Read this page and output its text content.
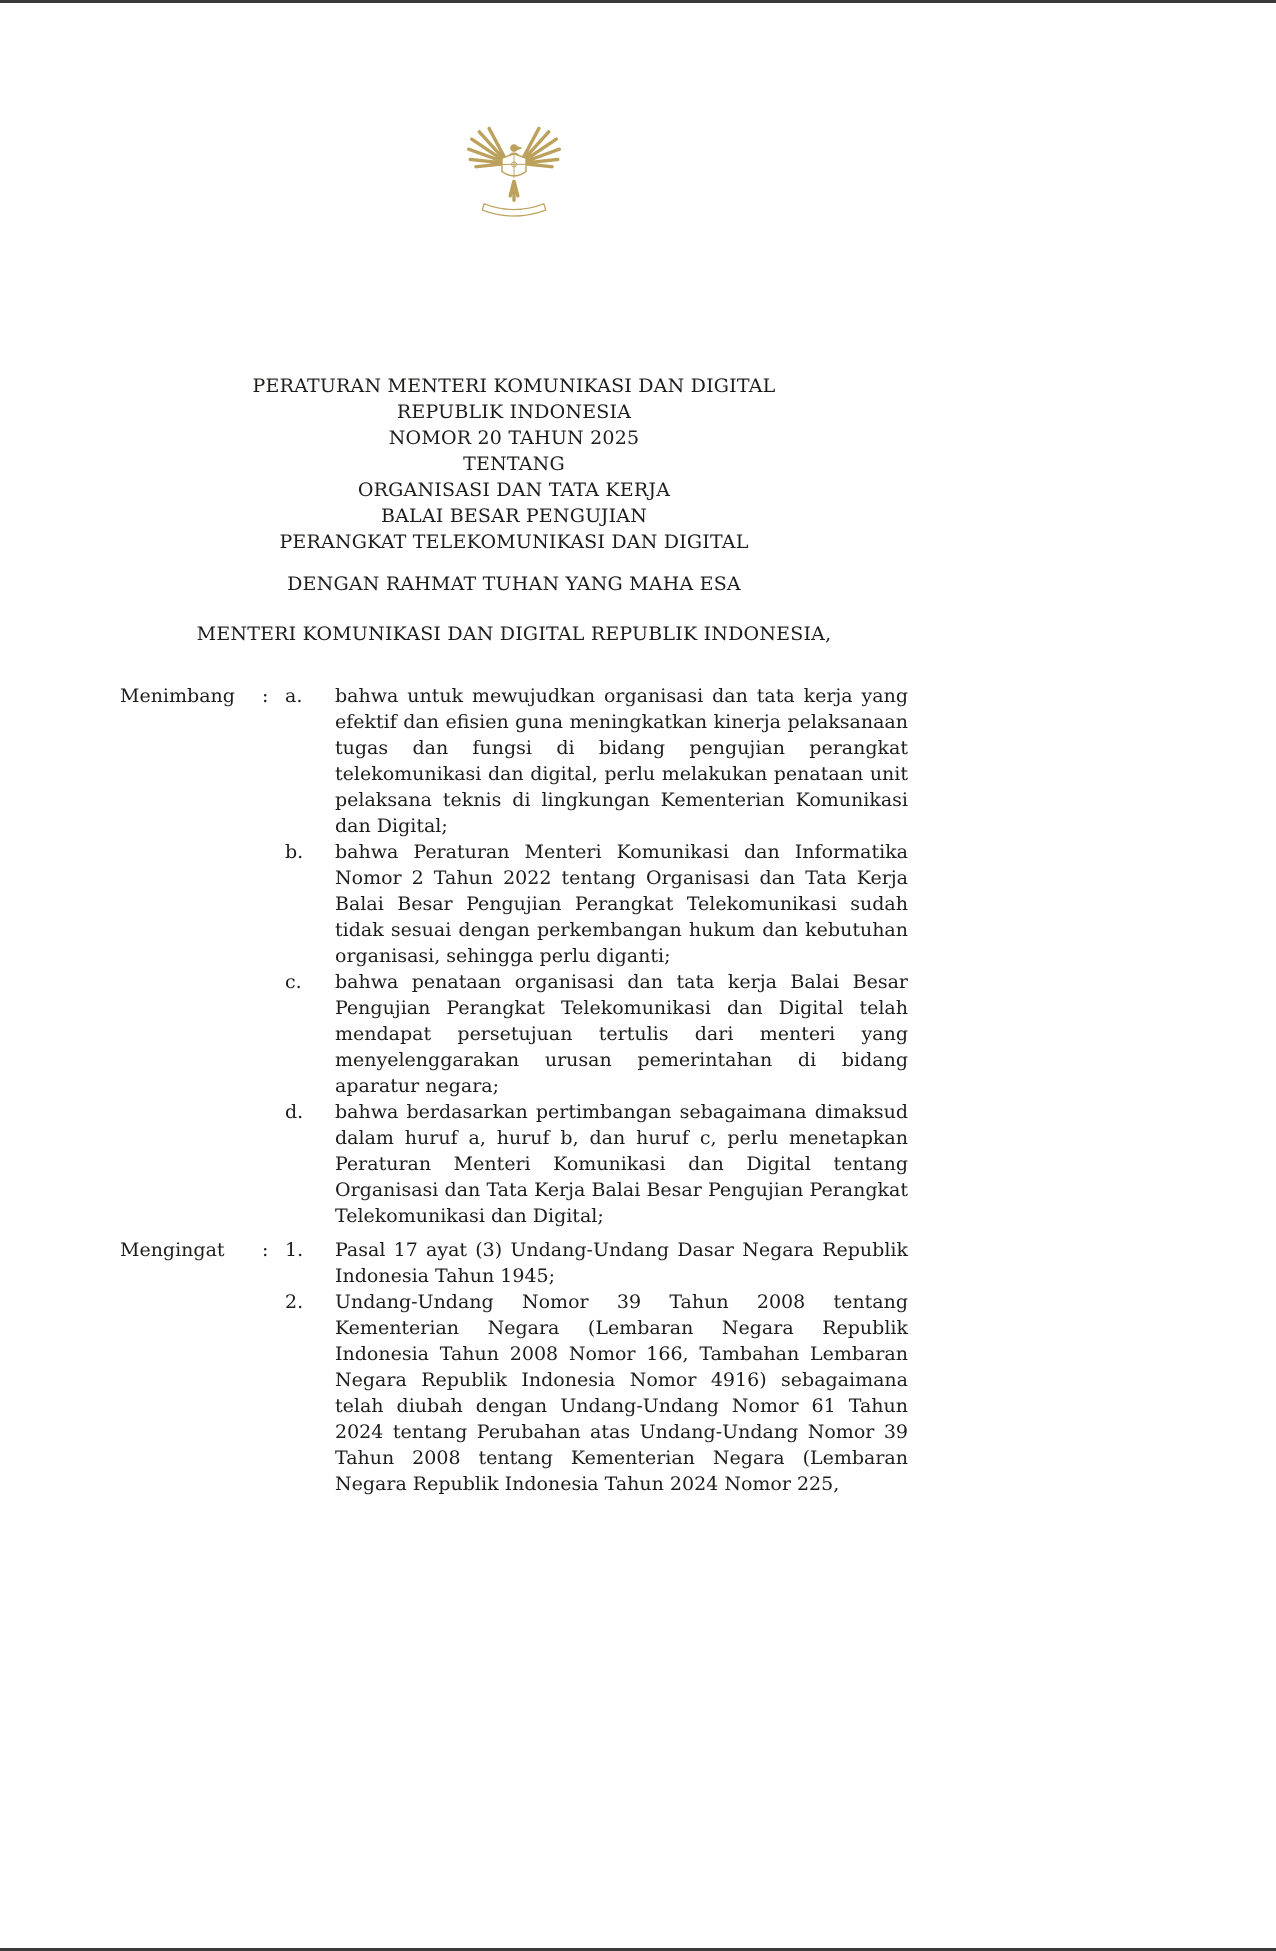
PERATURAN MENTERI KOMUNIKASI DAN DIGITAL
REPUBLIK INDONESIA
NOMOR 20 TAHUN 2025
TENTANG
ORGANISASI DAN TATA KERJA
BALAI BESAR PENGUJIAN
PERANGKAT TELEKOMUNIKASI DAN DIGITAL
DENGAN RAHMAT TUHAN YANG MAHA ESA
MENTERI KOMUNIKASI DAN DIGITAL REPUBLIK INDONESIA,
Menimbang	: a.	bahwa untuk mewujudkan organisasi dan tata kerja yang efektif dan efisien guna meningkatkan kinerja pelaksanaan tugas dan fungsi di bidang pengujian perangkat telekomunikasi dan digital, perlu melakukan penataan unit pelaksana teknis di lingkungan Kementerian Komunikasi dan Digital;
b.	bahwa Peraturan Menteri Komunikasi dan Informatika Nomor 2 Tahun 2022 tentang Organisasi dan Tata Kerja Balai Besar Pengujian Perangkat Telekomunikasi sudah tidak sesuai dengan perkembangan hukum dan kebutuhan organisasi, sehingga perlu diganti;
c.	bahwa penataan organisasi dan tata kerja Balai Besar Pengujian Perangkat Telekomunikasi dan Digital telah mendapat persetujuan tertulis dari menteri yang menyelenggarakan urusan pemerintahan di bidang aparatur negara;
d.	bahwa berdasarkan pertimbangan sebagaimana dimaksud dalam huruf a, huruf b, dan huruf c, perlu menetapkan Peraturan Menteri Komunikasi dan Digital tentang Organisasi dan Tata Kerja Balai Besar Pengujian Perangkat Telekomunikasi dan Digital;
Mengingat	: 1.	Pasal 17 ayat (3) Undang-Undang Dasar Negara Republik Indonesia Tahun 1945;
2.	Undang-Undang Nomor 39 Tahun 2008 tentang Kementerian Negara (Lembaran Negara Republik Indonesia Tahun 2008 Nomor 166, Tambahan Lembaran Negara Republik Indonesia Nomor 4916) sebagaimana telah diubah dengan Undang-Undang Nomor 61 Tahun 2024 tentang Perubahan atas Undang-Undang Nomor 39 Tahun 2008 tentang Kementerian Negara (Lembaran Negara Republik Indonesia Tahun 2024 Nomor 225,
